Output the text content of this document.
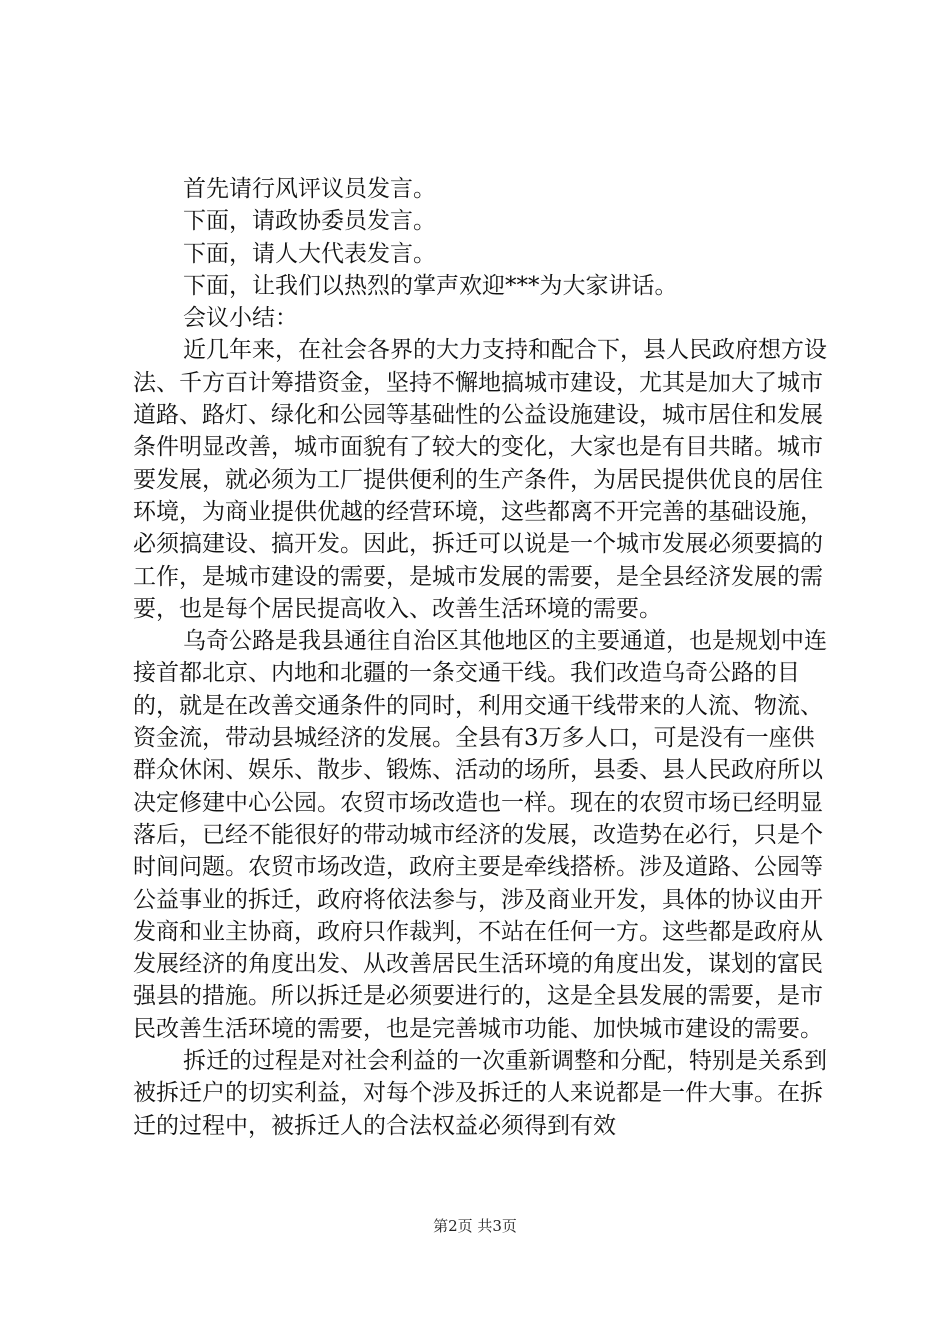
首先请行风评议员发言。

下面，请政协委员发言。

下面，请人大代表发言。

下面，让我们以热烈的掌声欢迎***为大家讲话。

会议小结：

近几年来，在社会各界的大力支持和配合下，县人民政府想方设法、千方百计筹措资金，坚持不懈地搞城市建设，尤其是加大了城市道路、路灯、绿化和公园等基础性的公益设施建设，城市居住和发展条件明显改善，城市面貌有了较大的变化，大家也是有目共睹。城市要发展，就必须为工厂提供便利的生产条件，为居民提供优良的居住环境，为商业提供优越的经营环境，这些都离不开完善的基础设施，必须搞建设、搞开发。因此，拆迁可以说是一个城市发展必须要搞的工作，是城市建设的需要，是城市发展的需要，是全县经济发展的需要，也是每个居民提高收入、改善生活环境的需要。

乌奇公路是我县通往自治区其他地区的主要通道，也是规划中连接首都北京、内地和北疆的一条交通干线。我们改造乌奇公路的目的，就是在改善交通条件的同时，利用交通干线带来的人流、物流、资金流，带动县城经济的发展。全县有3万多人口，可是没有一座供群众休闲、娱乐、散步、锻炼、活动的场所，县委、县人民政府所以决定修建中心公园。农贸市场改造也一样。现在的农贸市场已经明显落后，已经不能很好的带动城市经济的发展，改造势在必行，只是个时间问题。农贸市场改造，政府主要是牵线搭桥。涉及道路、公园等公益事业的拆迁，政府将依法参与，涉及商业开发，具体的协议由开发商和业主协商，政府只作裁判，不站在任何一方。这些都是政府从发展经济的角度出发、从改善居民生活环境的角度出发，谋划的富民强县的措施。所以拆迁是必须要进行的，这是全县发展的需要，是市民改善生活环境的需要，也是完善城市功能、加快城市建设的需要。

拆迁的过程是对社会利益的一次重新调整和分配，特别是关系到被拆迁户的切实利益，对每个涉及拆迁的人来说都是一件大事。在拆迁的过程中，被拆迁人的合法权益必须得到有效

第2页 共3页
